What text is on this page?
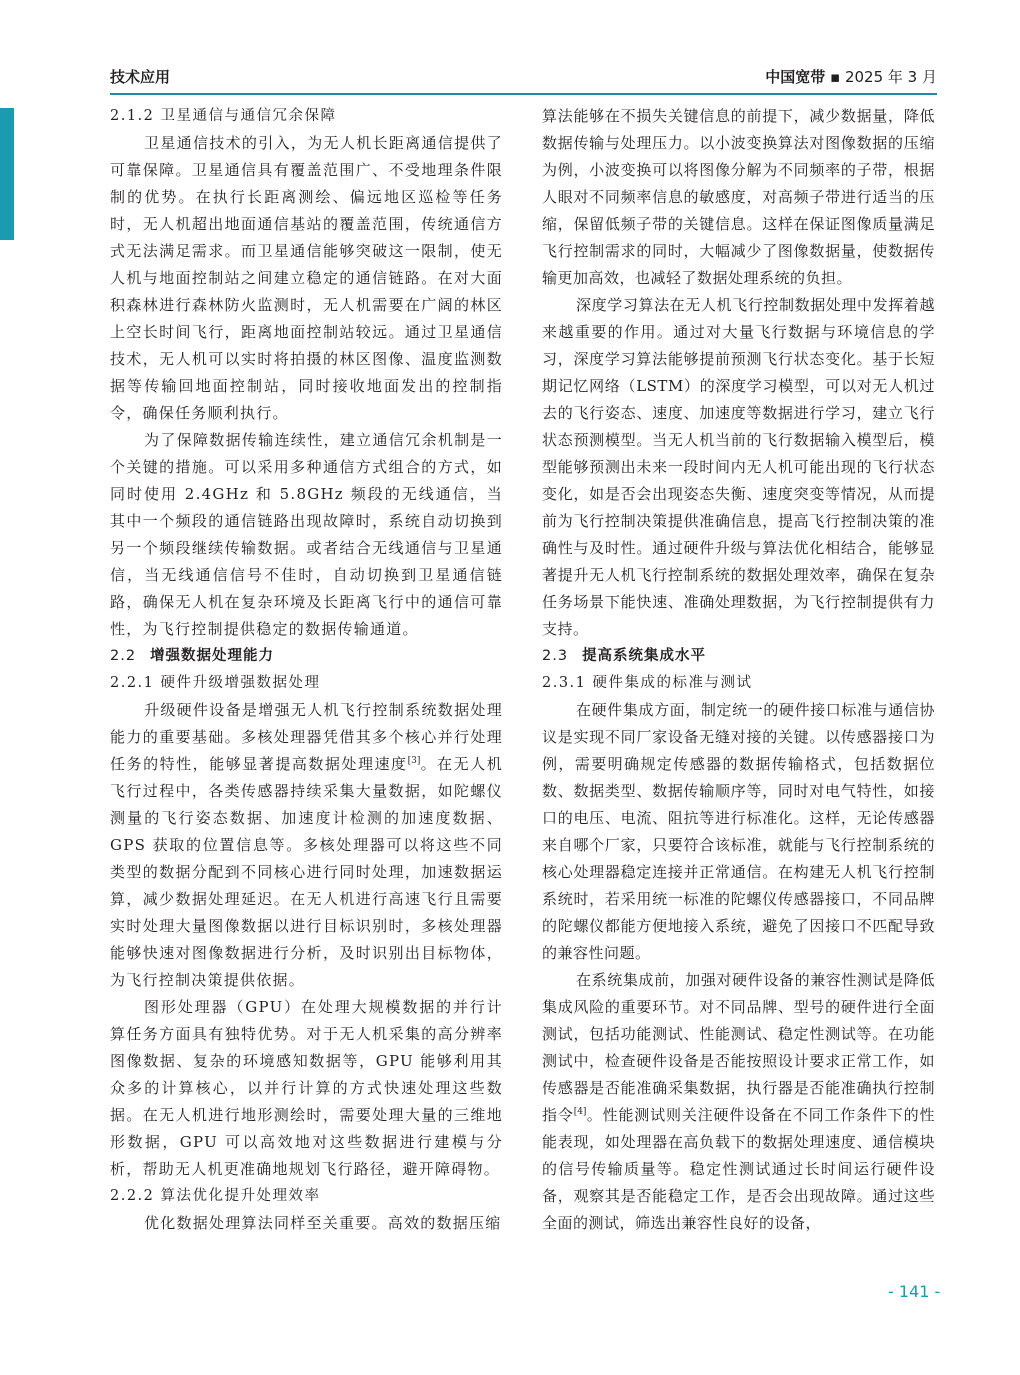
技术应用	中国宽带 ▪ 2025 年 3 月
2.1.2 卫星通信与通信冗余保障

卫星通信技术的引入，为无人机长距离通信提供了可靠保障。卫星通信具有覆盖范围广、不受地理条件限制的优势。在执行长距离测绘、偏远地区巡检等任务时，无人机超出地面通信基站的覆盖范围，传统通信方式无法满足需求。而卫星通信能够突破这一限制，使无人机与地面控制站之间建立稳定的通信链路。在对大面积森林进行森林防火监测时，无人机需要在广阔的林区上空长时间飞行，距离地面控制站较远。通过卫星通信技术，无人机可以实时将拍摄的林区图像、温度监测数据等传输回地面控制站，同时接收地面发出的控制指令，确保任务顺利执行。

为了保障数据传输连续性，建立通信冗余机制是一个关键的措施。可以采用多种通信方式组合的方式，如同时使用 2.4GHz 和 5.8GHz 频段的无线通信，当其中一个频段的通信链路出现故障时，系统自动切换到另一个频段继续传输数据。或者结合无线通信与卫星通信，当无线通信信号不佳时，自动切换到卫星通信链路，确保无人机在复杂环境及长距离飞行中的通信可靠性，为飞行控制提供稳定的数据传输通道。

2.2 增强数据处理能力
2.2.1 硬件升级增强数据处理

升级硬件设备是增强无人机飞行控制系统数据处理能力的重要基础。多核处理器凭借其多个核心并行处理任务的特性，能够显著提高数据处理速度[3]。在无人机飞行过程中，各类传感器持续采集大量数据，如陀螺仪测量的飞行姿态数据、加速度计检测的加速度数据、GPS 获取的位置信息等。多核处理器可以将这些不同类型的数据分配到不同核心进行同时处理，加速数据运算，减少数据处理延迟。在无人机进行高速飞行且需要实时处理大量图像数据以进行目标识别时，多核处理器能够快速对图像数据进行分析，及时识别出目标物体，为飞行控制决策提供依据。

图形处理器（GPU）在处理大规模数据的并行计算任务方面具有独特优势。对于无人机采集的高分辨率图像数据、复杂的环境感知数据等，GPU 能够利用其众多的计算核心，以并行计算的方式快速处理这些数据。在无人机进行地形测绘时，需要处理大量的三维地形数据，GPU 可以高效地对这些数据进行建模与分析，帮助无人机更准确地规划飞行路径，避开障碍物。

2.2.2 算法优化提升处理效率

优化数据处理算法同样至关重要。高效的数据压缩

算法能够在不损失关键信息的前提下，减少数据量，降低数据传输与处理压力。以小波变换算法对图像数据的压缩为例，小波变换可以将图像分解为不同频率的子带，根据人眼对不同频率信息的敏感度，对高频子带进行适当的压缩，保留低频子带的关键信息。这样在保证图像质量满足飞行控制需求的同时，大幅减少了图像数据量，使数据传输更加高效，也减轻了数据处理系统的负担。

深度学习算法在无人机飞行控制数据处理中发挥着越来越重要的作用。通过对大量飞行数据与环境信息的学习，深度学习算法能够提前预测飞行状态变化。基于长短期记忆网络（LSTM）的深度学习模型，可以对无人机过去的飞行姿态、速度、加速度等数据进行学习，建立飞行状态预测模型。当无人机当前的飞行数据输入模型后，模型能够预测出未来一段时间内无人机可能出现的飞行状态变化，如是否会出现姿态失衡、速度突变等情况，从而提前为飞行控制决策提供准确信息，提高飞行控制决策的准确性与及时性。通过硬件升级与算法优化相结合，能够显著提升无人机飞行控制系统的数据处理效率，确保在复杂任务场景下能快速、准确处理数据，为飞行控制提供有力支持。

2.3 提高系统集成水平
2.3.1 硬件集成的标准与测试

在硬件集成方面，制定统一的硬件接口标准与通信协议是实现不同厂家设备无缝对接的关键。以传感器接口为例，需要明确规定传感器的数据传输格式，包括数据位数、数据类型、数据传输顺序等，同时对电气特性，如接口的电压、电流、阻抗等进行标准化。这样，无论传感器来自哪个厂家，只要符合该标准，就能与飞行控制系统的核心处理器稳定连接并正常通信。在构建无人机飞行控制系统时，若采用统一标准的陀螺仪传感器接口，不同品牌的陀螺仪都能方便地接入系统，避免了因接口不匹配导致的兼容性问题。

在系统集成前，加强对硬件设备的兼容性测试是降低集成风险的重要环节。对不同品牌、型号的硬件进行全面测试，包括功能测试、性能测试、稳定性测试等。在功能测试中，检查硬件设备是否能按照设计要求正常工作，如传感器是否能准确采集数据，执行器是否能准确执行控制指令[4]。性能测试则关注硬件设备在不同工作条件下的性能表现，如处理器在高负载下的数据处理速度、通信模块的信号传输质量等。稳定性测试通过长时间运行硬件设备，观察其是否能稳定工作，是否会出现故障。通过这些全面的测试，筛选出兼容性良好的设备，

- 141 -
